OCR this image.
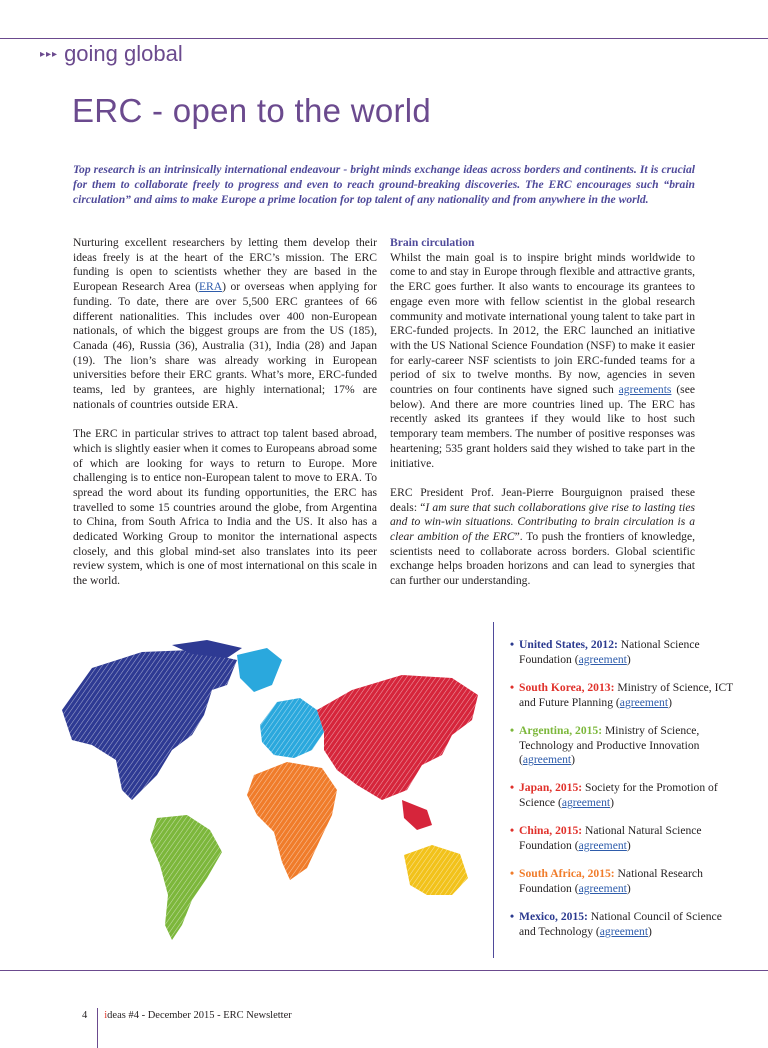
▸▸▸ going global
ERC - open to the world

Top research is an intrinsically international endeavour - bright minds exchange ideas across borders and continents. It is crucial for them to collaborate freely to progress and even to reach ground-breaking discoveries. The ERC encourages such “brain circulation” and aims to make Europe a prime location for top talent of any nationality and from anywhere in the world.

Nurturing excellent researchers by letting them develop their ideas freely is at the heart of the ERC’s mission. The ERC funding is open to scientists whether they are based in the European Research Area (ERA) or overseas when applying for funding. To date, there are over 5,500 ERC grantees of 66 different nationalities. This includes over 400 non-European nationals, of which the biggest groups are from the US (185), Canada (46), Russia (36), Australia (31), India (28) and Japan (19). The lion’s share was already working in European universities before their ERC grants. What’s more, ERC-funded teams, led by grantees, are highly international; 17% are nationals of countries outside ERA.

The ERC in particular strives to attract top talent based abroad, which is slightly easier when it comes to Europeans abroad some of which are looking for ways to return to Europe. More challenging is to entice non-European talent to move to ERA. To spread the word about its funding opportunities, the ERC has travelled to some 15 countries around the globe, from Argentina to China, from South Africa to India and the US. It also has a dedicated Working Group to monitor the international aspects closely, and this global mind-set also translates into its peer review system, which is one of most international on this scale in the world.

Brain circulation

Whilst the main goal is to inspire bright minds worldwide to come to and stay in Europe through flexible and attractive grants, the ERC goes further. It also wants to encourage its grantees to engage even more with fellow scientist in the global research community and motivate international young talent to take part in ERC-funded projects. In 2012, the ERC launched an initiative with the US National Science Foundation (NSF) to make it easier for early-career NSF scientists to join ERC-funded teams for a period of six to twelve months. By now, agencies in seven countries on four continents have signed such agreements (see below). And there are more countries lined up. The ERC has recently asked its grantees if they would like to host such temporary team members. The number of positive responses was heartening; 535 grant holders said they wished to take part in the initiative.

ERC President Prof. Jean-Pierre Bourguignon praised these deals: “I am sure that such collaborations give rise to lasting ties and to win-win situations. Contributing to brain circulation is a clear ambition of the ERC”. To push the frontiers of knowledge, scientists need to collaborate across borders. Global scientific exchange helps broaden horizons and can lead to synergies that can further our understanding.

• United States, 2012: National Science Foundation (agreement)
• South Korea, 2013: Ministry of Science, ICT and Future Planning (agreement)
• Argentina, 2015: Ministry of Science, Technology and Productive Innovation (agreement)
• Japan, 2015: Society for the Promotion of Science (agreement)
• China, 2015: National Natural Science Foundation (agreement)
• South Africa, 2015: National Research Foundation (agreement)
• Mexico, 2015: National Council of Science and Technology (agreement)
4 ideas #4 - December 2015 - ERC Newsletter
